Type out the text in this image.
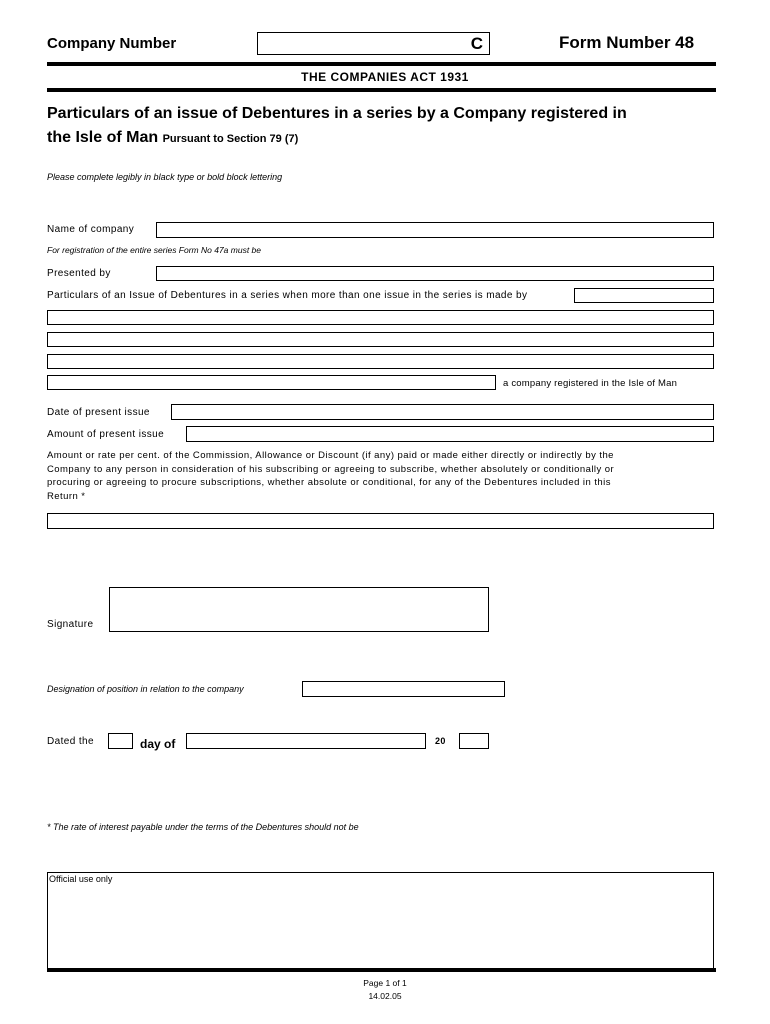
Company Number	C	Form Number 48
THE COMPANIES ACT 1931
Particulars of an issue of Debentures in a series by a Company registered in
the Isle of Man Pursuant to Section 79 (7)
Please complete legibly in black type or bold block lettering
Name of company
For registration of the entire series Form No 47a must be
Presented by
Particulars of an Issue of Debentures in a series when more than one issue in the series is made by
a company registered in the Isle of Man
Date of present issue
Amount of present issue
Amount or rate per cent. of the Commission, Allowance or Discount (if any) paid or made either directly or indirectly by the
Company to any person in consideration of his subscribing or agreeing to subscribe, whether absolutely or conditionally or
procuring or agreeing to procure subscriptions, whether absolute or conditional, for any of the Debentures included in this
Return *
Signature
Designation of position in relation to the company
Dated the	day of	20
* The rate of interest payable under the terms of the Debentures should not be
Official use only
Page 1 of 1
14.02.05
